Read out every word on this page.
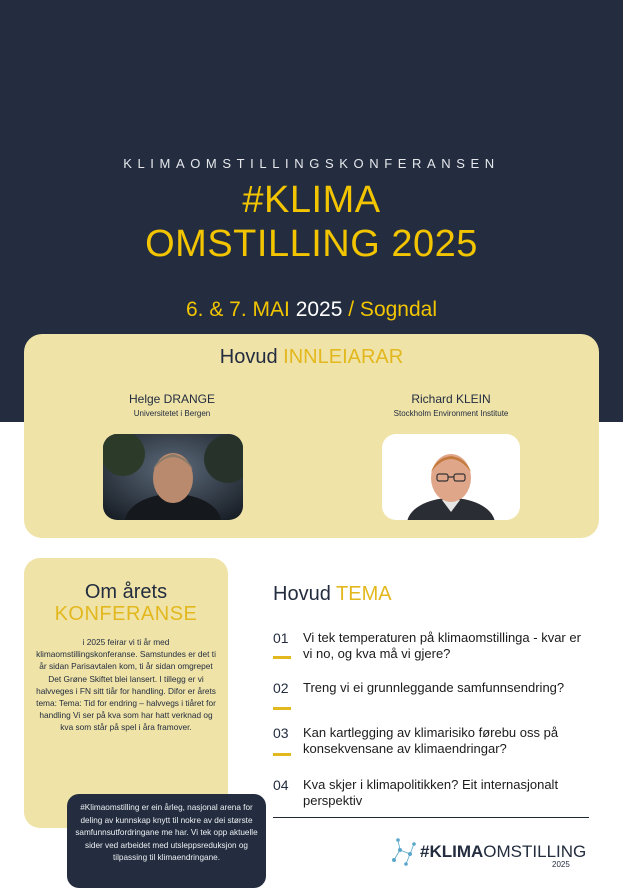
KLIMAOMSTILLINGSKONFERANSEN
#KLIMA
OMSTILLING 2025
6. & 7. MAI 2025 / Sogndal
Hovud INNLEIARAR
Helge DRANGE
Universitetet i Bergen
Richard KLEIN
Stockholm Environment Institute
Om årets
KONFERANSE
i 2025 feirar vi ti år med klimaomstillingskonferanse. Samstundes er det ti år sidan Parisavtalen kom, ti år sidan omgrepet Det Grøne Skiftet blei lansert. I tillegg er vi halvveges i FN sitt tiår for handling. Difor er årets tema: Tema: Tid for endring – halvvegs i tiåret for handling Vi ser på kva som har hatt verknad og kva som står på spel i åra framover.

#Klimaomstilling er ein årleg, nasjonal arena for deling av kunnskap knytt til nokre av dei største samfunnsutfordringane me har. Vi tek opp aktuelle sider ved arbeidet med utsleppsreduksjon og tilpassing til klimaendringane.

Hovud TEMA
01 Vi tek temperaturen på klimaomstillinga - kvar er vi no, og kva må vi gjere?
02 Treng vi ei grunnleggande samfunnsendring?
03 Kan kartlegging av klimarisiko førebu oss på konsekvensane av klimaendringar?
04 Kva skjer i klimapolitikken? Eit internasjonalt perspektiv
#KLIMAOMSTILLING
2025
